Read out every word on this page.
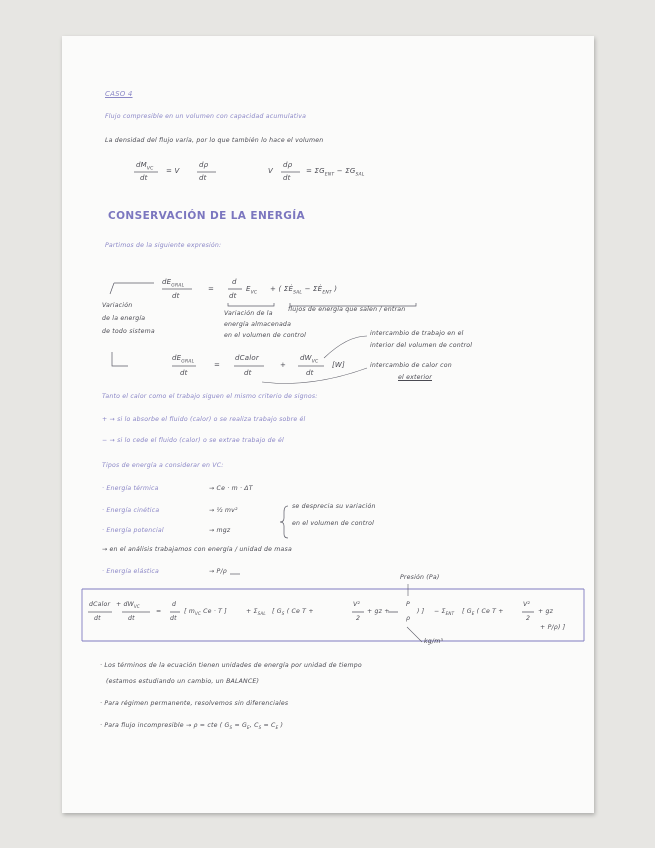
CASO 4
Flujo compresible en un volumen con capacidad acumulativa
La densidad del flujo varía, por lo que también lo hace el volumen
$dM_{VC}$
dt
= V
dρ
dt
V
dρ
dt
= $\Sigma G_{ENT} - \Sigma G_{SAL}$
CONSERVACIÓN DE LA ENERGÍA
Partimos de la siguiente expresión:
$dE_{GRAL}$
dt
=
d
dt
$E_{VC}$ + ( $\Sigma Ė_{SAL}$ − $\Sigma Ė_{ENT}$ )
Variación
de la energía
de todo sistema
Variación de la
energía almacenada
en el volumen de control
flujos de energía que salen / entran
$dE_{GRAL}$
dt
=
dCalor
dt
+
$dW_{VC}$
dt
[W]
intercambio de trabajo en el
interior del volumen de control
intercambio de calor con
el exterior
Tanto el calor como el trabajo siguen el mismo criterio de signos:
+ → si lo absorbe el fluido (calor) o se realiza trabajo sobre él
− → si lo cede el fluido (calor) o se extrae trabajo de él
Tipos de energía a considerar en VC:
· Energía térmica	→ Ce · m · ΔT
· Energía cinética	→ ½ mv²
· Energía potencial	→ mgz
se desprecia su variación
en el volumen de control
→ en el análisis trabajamos con energía / unidad de masa
· Energía elástica	→ P/ρ
Presión (Pa)
dCalor
dt
+ $dW_{VC}$
dt
=
d
dt
[ $m_{VC}$ Ce · T ]	+ $\Sigma_{SAL}$ [ $G_S$ ( Ce T +
V²
2
+ gz +
P
ρ
) ] − $\Sigma_{ENT}$ [ $G_E$ ( Ce T +
V²
2
+ gz
+ P/ρ) ]
kg/m³
· Los términos de la ecuación tienen unidades de energía por unidad de tiempo
(estamos estudiando un cambio, un BALANCE)
· Para régimen permanente, resolvemos sin diferenciales
· Para flujo incompresible → ρ = cte ( $G_S = G_E$, $C_S = C_E$ )
